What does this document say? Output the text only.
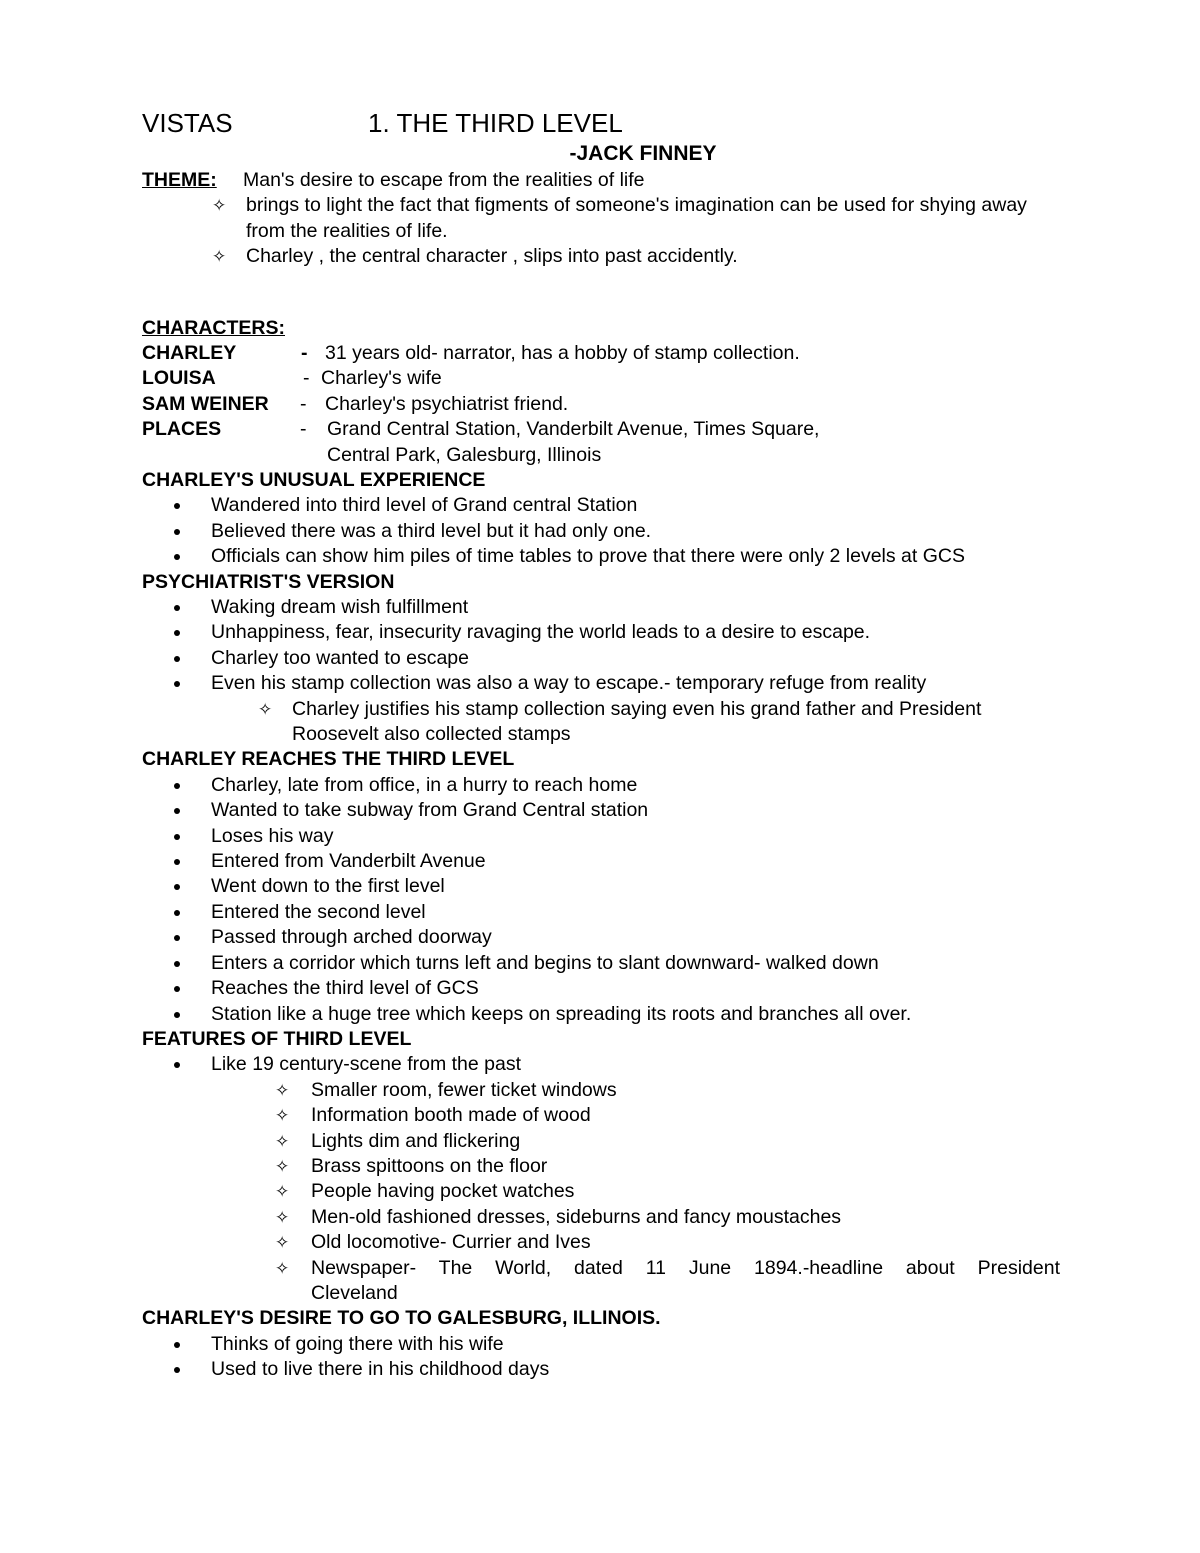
VISTAS	1. THE THIRD LEVEL
-JACK FINNEY
THEME: Man's desire to escape from the realities of life
✧ brings to light the fact that figments of someone's imagination can be used for shying away from the realities of life.
✧ Charley , the central character , slips into past accidently.
CHARACTERS:
CHARLEY	- 31 years old- narrator, has a hobby of stamp collection.
LOUISA	- Charley's wife
SAM WEINER - Charley's psychiatrist friend.
PLACES	- Grand Central Station, Vanderbilt Avenue, Times Square,
Central Park, Galesburg, Illinois
CHARLEY'S UNUSUAL EXPERIENCE
Wandered into third level of Grand central Station
Believed there was a third level but it had only one.
Officials can show him piles of time tables to prove that there were only 2 levels at GCS
PSYCHIATRIST'S VERSION
Waking dream wish fulfillment
Unhappiness, fear, insecurity ravaging the world leads to a desire to escape.
Charley too wanted to escape
Even his stamp collection was also a way to escape.- temporary refuge from reality
✧ Charley justifies his stamp collection saying even his grand father and President Roosevelt also collected stamps
CHARLEY REACHES THE THIRD LEVEL
Charley, late from office, in a hurry to reach home
Wanted to take subway from Grand Central station
Loses his way
Entered from Vanderbilt Avenue
Went down to the first level
Entered the second level
Passed through arched doorway
Enters a corridor which turns left and begins to slant downward- walked down
Reaches the third level of GCS
Station like a huge tree which keeps on spreading its roots and branches all over.
FEATURES OF THIRD LEVEL
Like 19 century-scene from the past
✧ Smaller room, fewer ticket windows
✧ Information booth made of wood
✧ Lights dim and flickering
✧ Brass spittoons on the floor
✧ People having pocket watches
✧ Men-old fashioned dresses, sideburns and fancy moustaches
✧ Old locomotive- Currier and Ives
✧ Newspaper- The World, dated 11 June 1894.-headline about President
Cleveland
CHARLEY'S DESIRE TO GO TO GALESBURG, ILLINOIS.
Thinks of going there with his wife
Used to live there in his childhood days
